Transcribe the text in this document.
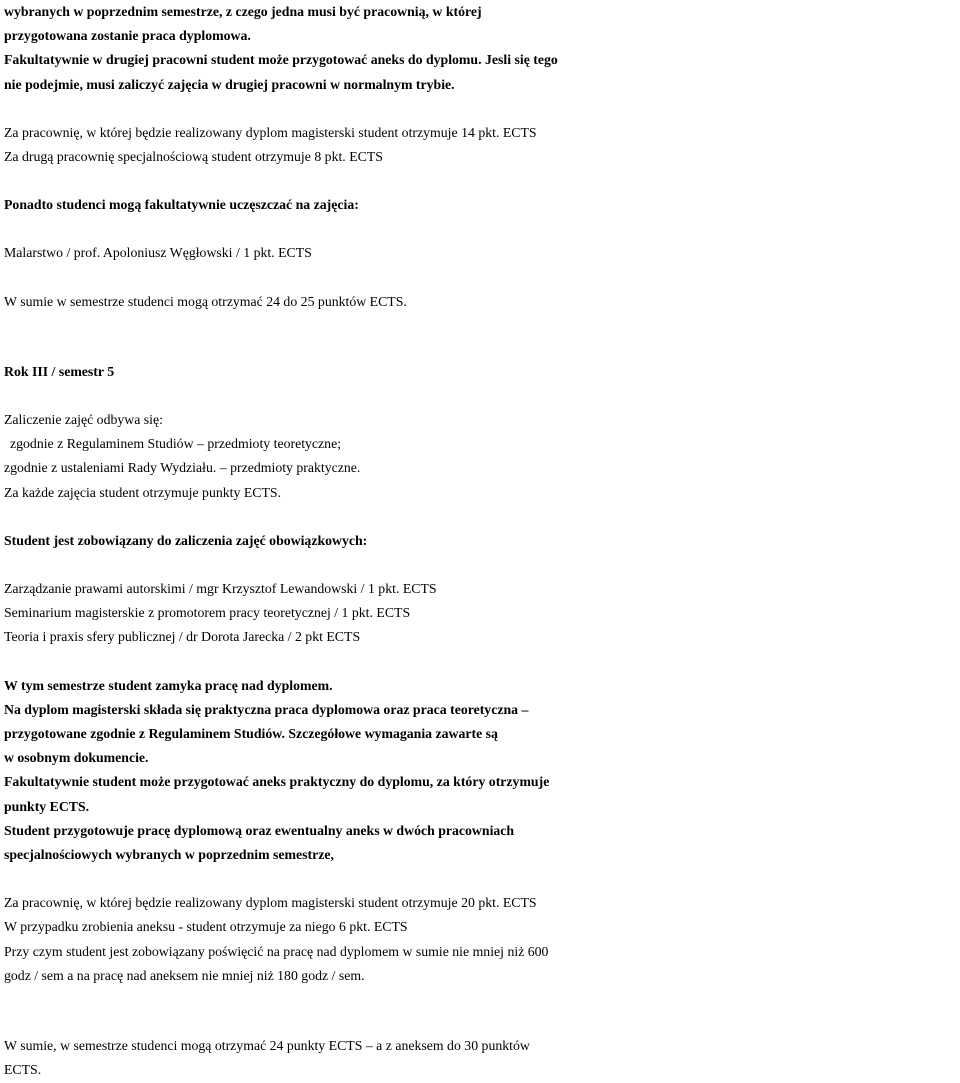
wybranych w poprzednim semestrze, z czego jedna musi być pracownią, w której
przygotowana zostanie praca dyplomowa.
Fakultatywnie w drugiej pracowni student może przygotować aneks do dyplomu. Jesli się tego
nie podejmie, musi zaliczyć zajęcia w drugiej pracowni w normalnym trybie.
Za pracownię, w której będzie realizowany dyplom magisterski student otrzymuje 14 pkt. ECTS
Za drugą pracownię specjalnościową student otrzymuje 8 pkt. ECTS
Ponadto studenci mogą fakultatywnie uczęszczać na zajęcia:
Malarstwo / prof. Apoloniusz Węgłowski / 1 pkt. ECTS
W sumie w semestrze studenci mogą otrzymać 24 do 25 punktów ECTS.
Rok III / semestr 5
Zaliczenie zajęć odbywa się:
zgodnie z Regulaminem Studiów – przedmioty teoretyczne;
zgodnie z ustaleniami Rady Wydziału. – przedmioty praktyczne.
Za każde zajęcia student otrzymuje punkty ECTS.
Student jest zobowiązany do zaliczenia zajęć obowiązkowych:
Zarządzanie prawami autorskimi / mgr Krzysztof Lewandowski / 1 pkt. ECTS
Seminarium magisterskie z promotorem pracy teoretycznej / 1 pkt. ECTS
Teoria i praxis sfery publicznej / dr Dorota Jarecka / 2 pkt ECTS
W tym semestrze student zamyka pracę nad dyplomem.
Na dyplom magisterski składa się praktyczna praca dyplomowa oraz praca teoretyczna –
przygotowane zgodnie z Regulaminem Studiów. Szczegółowe wymagania zawarte są
w osobnym dokumencie.
Fakultatywnie student może przygotować aneks praktyczny do dyplomu, za który otrzymuje
punkty ECTS.
Student przygotowuje pracę dyplomową oraz ewentualny aneks w dwóch pracowniach
specjalnościowych wybranych w poprzednim semestrze,
Za pracownię, w której będzie realizowany dyplom magisterski student otrzymuje 20 pkt. ECTS
W przypadku zrobienia aneksu - student otrzymuje za niego 6 pkt. ECTS
Przy czym student jest zobowiązany poświęcić na pracę nad dyplomem w sumie nie mniej niż 600
godz / sem a na pracę nad aneksem nie mniej niż 180 godz / sem.
W sumie, w semestrze studenci mogą otrzymać 24 punkty ECTS – a z aneksem do 30 punktów
ECTS.
